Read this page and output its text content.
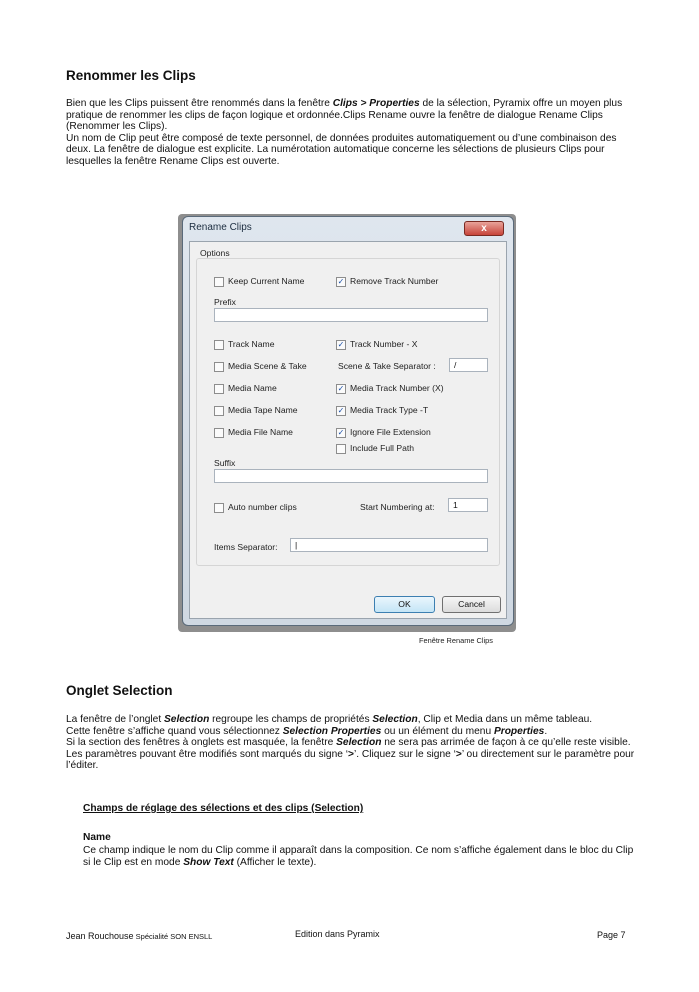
Renommer les Clips

Bien que les Clips puissent être renommés dans la fenêtre Clips > Properties de la sélection, Pyramix offre un moyen plus pratique de renommer les clips de façon logique et ordonnée.Clips Rename ouvre la fenêtre de dialogue Rename Clips (Renommer les Clips).

Un nom de Clip peut être composé de texte personnel, de données produites automatiquement ou d’une combinaison des deux. La fenêtre de dialogue est explicite. La numérotation automatique concerne les sélections de plusieurs Clips pour lesquelles la fenêtre Rename Clips est ouverte.

Rename Clips	x
Options
Keep Current Name	✓ Remove Track Number
Prefix
Track Name	✓ Track Number - X
Media Scene & Take	Scene & Take Separator :	/
Media Name	✓ Media Track Number (X)
Media Tape Name	✓ Media Track Type -T
Media File Name	✓ Ignore File Extension
Include Full Path
Suffix
Auto number clips	Start Numbering at:	1
Items Separator:	|
OK	Cancel
Fenêtre Rename Clips
Onglet Selection

La fenêtre de l’onglet Selection regroupe les champs de propriétés Selection, Clip et Media dans un même tableau.

Cette fenêtre s’affiche quand vous sélectionnez Selection Properties ou un élément du menu Properties.

Si la section des fenêtres à onglets est masquée, la fenêtre Selection ne sera pas arrimée de façon à ce qu’elle reste visible. Les paramètres pouvant être modifiés sont marqués du signe ‘>’. Cliquez sur le signe ‘>’ ou directement sur le paramètre pour l’éditer.

Champs de réglage des sélections et des clips (Selection)
Name

Ce champ indique le nom du Clip comme il apparaît dans la composition. Ce nom s’affiche également dans le bloc du Clip si le Clip est en mode Show Text (Afficher le texte).

Jean Rouchouse Spécialité SON ENSLL	Edition dans Pyramix	Page 7
